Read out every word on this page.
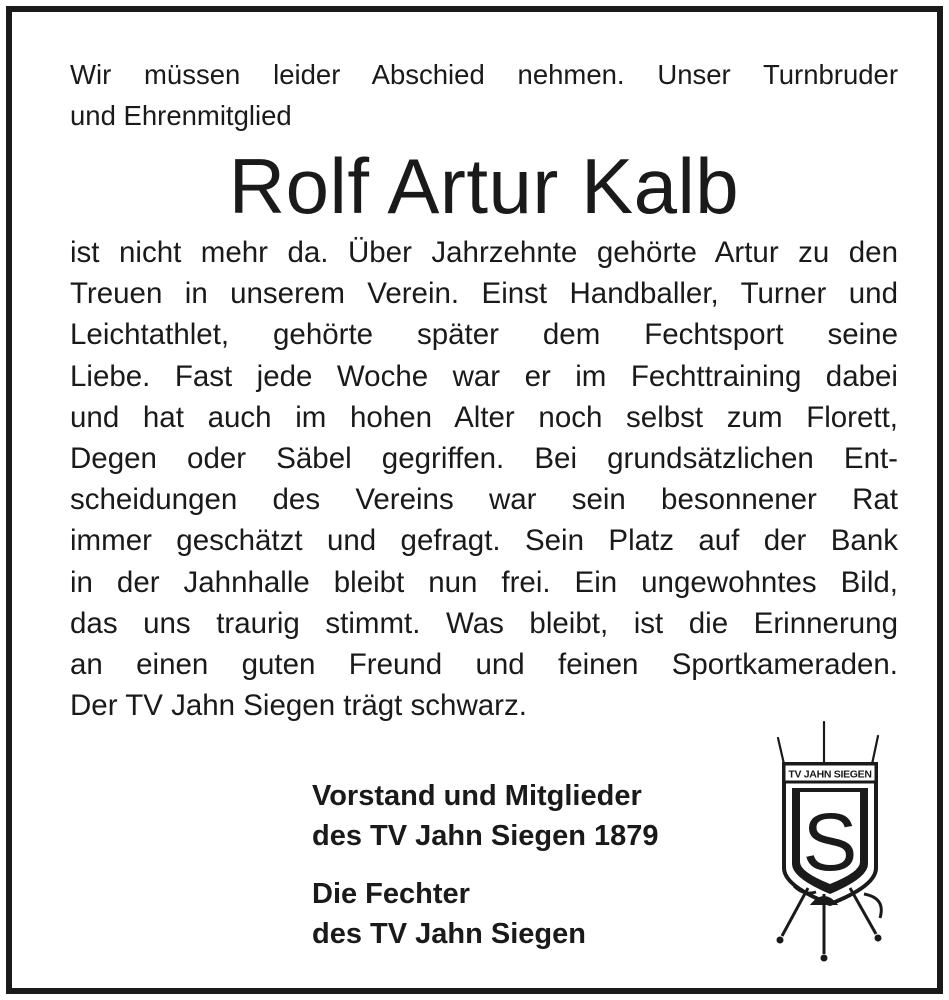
Wir müssen leider Abschied nehmen. Unser Turnbruder
und Ehrenmitglied

Rolf Artur Kalb

ist nicht mehr da. Über Jahrzehnte gehörte Artur zu den
Treuen in unserem Verein. Einst Handballer, Turner und
Leichtathlet, gehörte später dem Fechtsport seine
Liebe. Fast jede Woche war er im Fechttraining dabei
und hat auch im hohen Alter noch selbst zum Florett,
Degen oder Säbel gegriffen. Bei grundsätzlichen Ent-
scheidungen des Vereins war sein besonnener Rat
immer geschätzt und gefragt. Sein Platz auf der Bank
in der Jahnhalle bleibt nun frei. Ein ungewohntes Bild,
das uns traurig stimmt. Was bleibt, ist die Erinnerung
an einen guten Freund und feinen Sportkameraden.
Der TV Jahn Siegen trägt schwarz.

Vorstand und Mitglieder
des TV Jahn Siegen 1879
Die Fechter
des TV Jahn Siegen
TV JAHN SIEGEN
S
